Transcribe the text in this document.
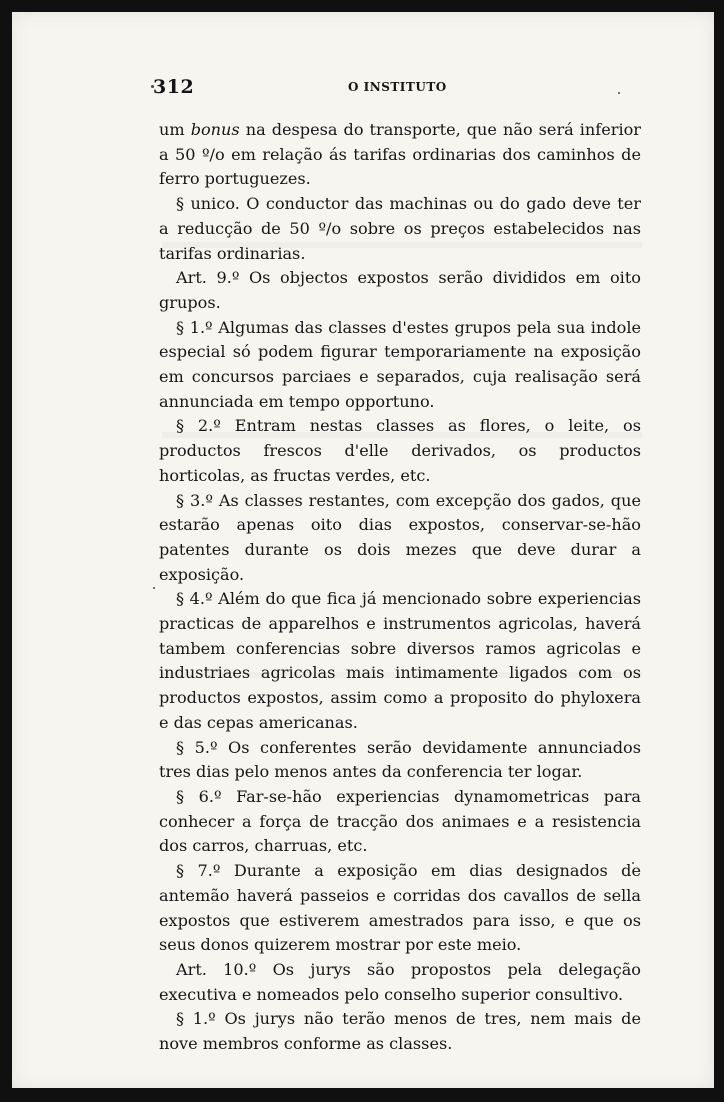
312	O INSTITUTO

um bonus na despesa do transporte, que não será inferior a 50 º/o em relação ás tarifas ordinarias dos caminhos de ferro portuguezes.

§ unico. O conductor das machinas ou do gado deve ter a reducção de 50 º/o sobre os preços estabelecidos nas tarifas ordinarias.

Art. 9.º Os objectos expostos serão divididos em oito grupos.

§ 1.º Algumas das classes d'estes grupos pela sua indole especial só podem figurar temporariamente na exposição em concursos parciaes e separados, cuja realisação será annunciada em tempo opportuno.

§ 2.º Entram nestas classes as flores, o leite, os productos frescos d'elle derivados, os productos horticolas, as fructas verdes, etc.

§ 3.º As classes restantes, com excepção dos gados, que estarão apenas oito dias expostos, conservar-se-hão patentes durante os dois mezes que deve durar a exposição.

§ 4.º Além do que fica já mencionado sobre experiencias practicas de apparelhos e instrumentos agricolas, haverá tambem conferencias sobre diversos ramos agricolas e industriaes agricolas mais intimamente ligados com os productos expostos, assim como a proposito do phyloxera e das cepas americanas.

§ 5.º Os conferentes serão devidamente annunciados tres dias pelo menos antes da conferencia ter logar.

§ 6.º Far-se-hão experiencias dynamometricas para conhecer a força de tracção dos animaes e a resistencia dos carros, charruas, etc.

§ 7.º Durante a exposição em dias designados de antemão haverá passeios e corridas dos cavallos de sella expostos que estiverem amestrados para isso, e que os seus donos quizerem mostrar por este meio.

Art. 10.º Os jurys são propostos pela delegação executiva e nomeados pelo conselho superior consultivo.

§ 1.º Os jurys não terão menos de tres, nem mais de nove membros conforme as classes.
